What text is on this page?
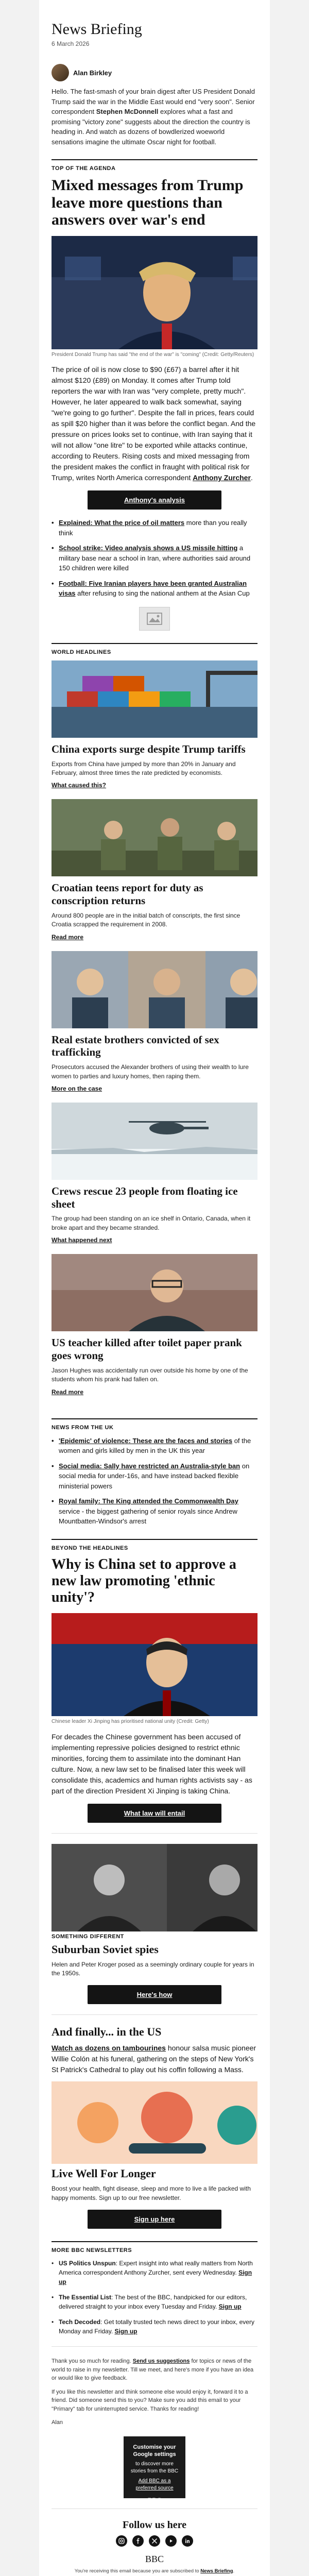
News Briefing
6 March 2026
Alan Birkley

Hello. The fast-smash of your brain digest after US President Donald Trump said the war in the Middle East would end "very soon". Senior correspondent Stephen McDonnell explores what a fast and promising "victory zone" suggests about the direction the country is heading in. And watch as dozens of bowdlerized woeworld sensations imagine the ultimate Oscar night for football.

TOP OF THE AGENDA
Mixed messages from Trump leave more questions than answers over war's end
President Donald Trump has said "the end of the war" is "coming" (Credit: Getty/Reuters)

The price of oil is now close to $90 (£67) a barrel after it hit almost $120 (£89) on Monday. It comes after Trump told reporters the war with Iran was "very complete, pretty much". However, he later appeared to walk back somewhat, saying "we're going to go further". Despite the fall in prices, fears could as spill $20 higher than it was before the conflict began. And the pressure on prices looks set to continue, with Iran saying that it will not allow "one litre" to be exported while attacks continue, according to Reuters. Rising costs and mixed messaging from the president makes the conflict in fraught with political risk for Trump, writes North America correspondent Anthony Zurcher.

Anthony's analysis
• Explained: What the price of oil matters more than you really think
• School strike: Video analysis shows a US missile hitting a military base near a school in Iran, where authorities said around 150 children were killed
• Football: Five Iranian players have been granted Australian visas after refusing to sing the national anthem at the Asian Cup
WORLD HEADLINES
China exports surge despite Trump tariffs

Exports from China have jumped by more than 20% in January and February, almost three times the rate predicted by economists.

What caused this?
Croatian teens report for duty as conscription returns

Around 800 people are in the initial batch of conscripts, the first since Croatia scrapped the requirement in 2008.

Read more
Real estate brothers convicted of sex trafficking

Prosecutors accused the Alexander brothers of using their wealth to lure women to parties and luxury homes, then raping them.

More on the case
Crews rescue 23 people from floating ice sheet

The group had been standing on an ice shelf in Ontario, Canada, when it broke apart and they became stranded.

What happened next
US teacher killed after toilet paper prank goes wrong

Jason Hughes was accidentally run over outside his home by one of the students whom his prank had fallen on.

Read more
NEWS FROM THE UK
• 'Epidemic' of violence: These are the faces and stories of the women and girls killed by men in the UK this year
• Social media: Sally have restricted an Australia-style ban on social media for under-16s, and have instead backed flexible ministerial powers
• Royal family: The King attended the Commonwealth Day service - the biggest gathering of senior royals since Andrew Mountbatten-Windsor's arrest
BEYOND THE HEADLINES
Why is China set to approve a new law promoting 'ethnic unity'?
Chinese leader Xi Jinping has prioritised national unity (Credit: Getty)

For decades the Chinese government has been accused of implementing repressive policies designed to restrict ethnic minorities, forcing them to assimilate into the dominant Han culture. Now, a new law set to be finalised later this week will consolidate this, academics and human rights activists say - as part of the direction President Xi Jinping is taking China.

What law will entail
SOMETHING DIFFERENT
Suburban Soviet spies

Helen and Peter Kroger posed as a seemingly ordinary couple for years in the 1950s.

Here's how
And finally... in the US

Watch as dozens on tambourines honour salsa music pioneer Willie Colón at his funeral, gathering on the steps of New York's St Patrick's Cathedral to play out his coffin following a Mass.

Live Well For Longer

Boost your health, fight disease, sleep and more to live a life packed with happy moments. Sign up to our free newsletter.

Sign up here
MORE BBC NEWSLETTERS
• US Politics Unspun: Expert insight into what really matters from North America correspondent Anthony Zurcher, sent every Wednesday. Sign up
• The Essential List: The best of the BBC, handpicked for our editors, delivered straight to your inbox every Tuesday and Friday. Sign up
• Tech Decoded: Get totally trusted tech news direct to your inbox, every Monday and Friday. Sign up

Thank you so much for reading. Send us suggestions for topics or news of the world to raise in my newsletter. Till we meet, and here's more if you have an idea or would like to give feedback.

If you like this newsletter and think someone else would enjoy it, forward it to a friend. Did someone send this to you? Make sure you add this email to your "Primary" tab for uninterrupted service. Thanks for reading!

Alan

Customise your Google settings
to discover more stories from the BBC
Add BBC as a preferred source
BBC
Follow us here
BBC

You're receiving this email because you are subscribed to News Briefing.
